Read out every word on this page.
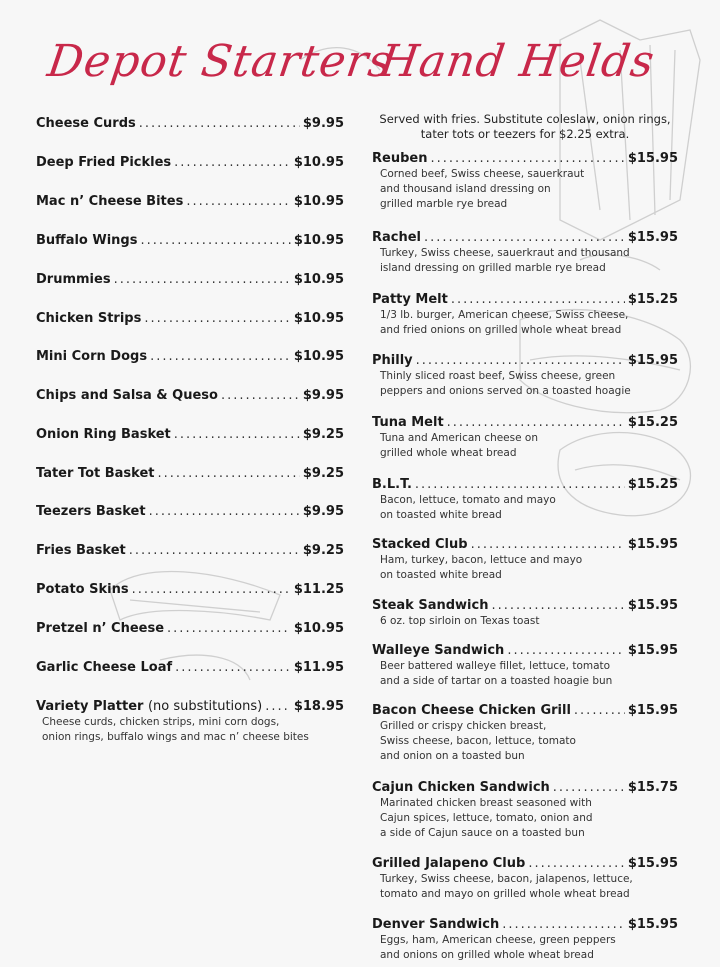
Depot Starters
Cheese Curds .....	$9.95
Deep Fried Pickles .....	$10.95
Mac n’ Cheese Bites .....	$10.95
Buffalo Wings .....	$10.95
Drummies .....	$10.95
Chicken Strips .....	$10.95
Mini Corn Dogs .....	$10.95
Chips and Salsa & Queso .....	$9.95
Onion Ring Basket .....	$9.25
Tater Tot Basket .....	$9.25
Teezers Basket .....	$9.95
Fries Basket .....	$9.25
Potato Skins .....	$11.25
Pretzel n’ Cheese .....	$10.95
Garlic Cheese Loaf .....	$11.95
Variety Platter (no substitutions) ..... $18.95
Cheese curds, chicken strips, mini corn dogs,
onion rings, buffalo wings and mac n’ cheese bites
Hand Helds
Served with fries. Substitute coleslaw, onion rings,
tater tots or teezers for $2.25 extra.
Reuben .....	$15.95
Corned beef, Swiss cheese, sauerkraut
and thousand island dressing on
grilled marble rye bread
Rachel .....	$15.95
Turkey, Swiss cheese, sauerkraut and thousand
island dressing on grilled marble rye bread
Patty Melt .....	$15.25
1/3 lb. burger, American cheese, Swiss cheese,
and fried onions on grilled whole wheat bread
Philly .....	$15.95
Thinly sliced roast beef, Swiss cheese, green
peppers and onions served on a toasted hoagie
Tuna Melt .....	$15.25
Tuna and American cheese on
grilled whole wheat bread
B.L.T. .....	$15.25
Bacon, lettuce, tomato and mayo
on toasted white bread
Stacked Club .....	$15.95
Ham, turkey, bacon, lettuce and mayo
on toasted white bread
Steak Sandwich .....	$15.95
6 oz. top sirloin on Texas toast
Walleye Sandwich .....	$15.95
Beer battered walleye fillet, lettuce, tomato
and a side of tartar on a toasted hoagie bun
Bacon Cheese Chicken Grill .....	$15.95
Grilled or crispy chicken breast,
Swiss cheese, bacon, lettuce, tomato
and onion on a toasted bun
Cajun Chicken Sandwich .....	$15.75
Marinated chicken breast seasoned with
Cajun spices, lettuce, tomato, onion and
a side of Cajun sauce on a toasted bun
Grilled Jalapeno Club .....	$15.95
Turkey, Swiss cheese, bacon, jalapenos, lettuce,
tomato and mayo on grilled whole wheat bread
Denver Sandwich .....	$15.95
Eggs, ham, American cheese, green peppers
and onions on grilled whole wheat bread
